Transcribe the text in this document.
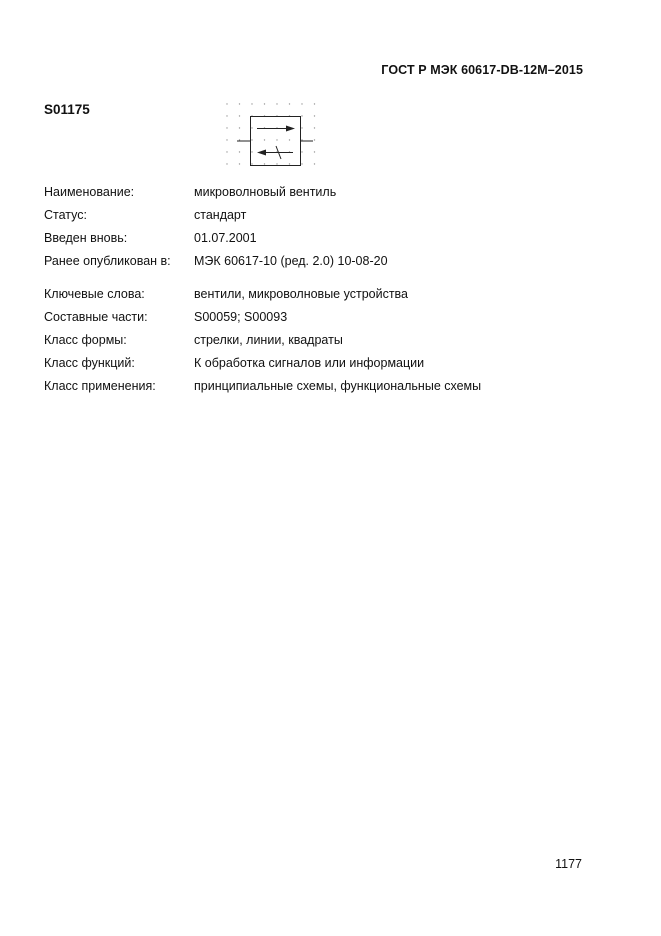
ГОСТ Р МЭК 60617-DB-12M–2015
S01175
Наименование:	микроволновый вентиль
Статус:	стандарт
Введен вновь:	01.07.2001
Ранее опубликован в:	МЭК 60617-10 (ред. 2.0) 10-08-20
Ключевые слова:	вентили, микроволновые устройства
Составные части:	S00059; S00093
Класс формы:	стрелки, линии, квадраты
Класс функций:	К обработка сигналов или информации
Класс применения:	принципиальные схемы, функциональные схемы
1177
